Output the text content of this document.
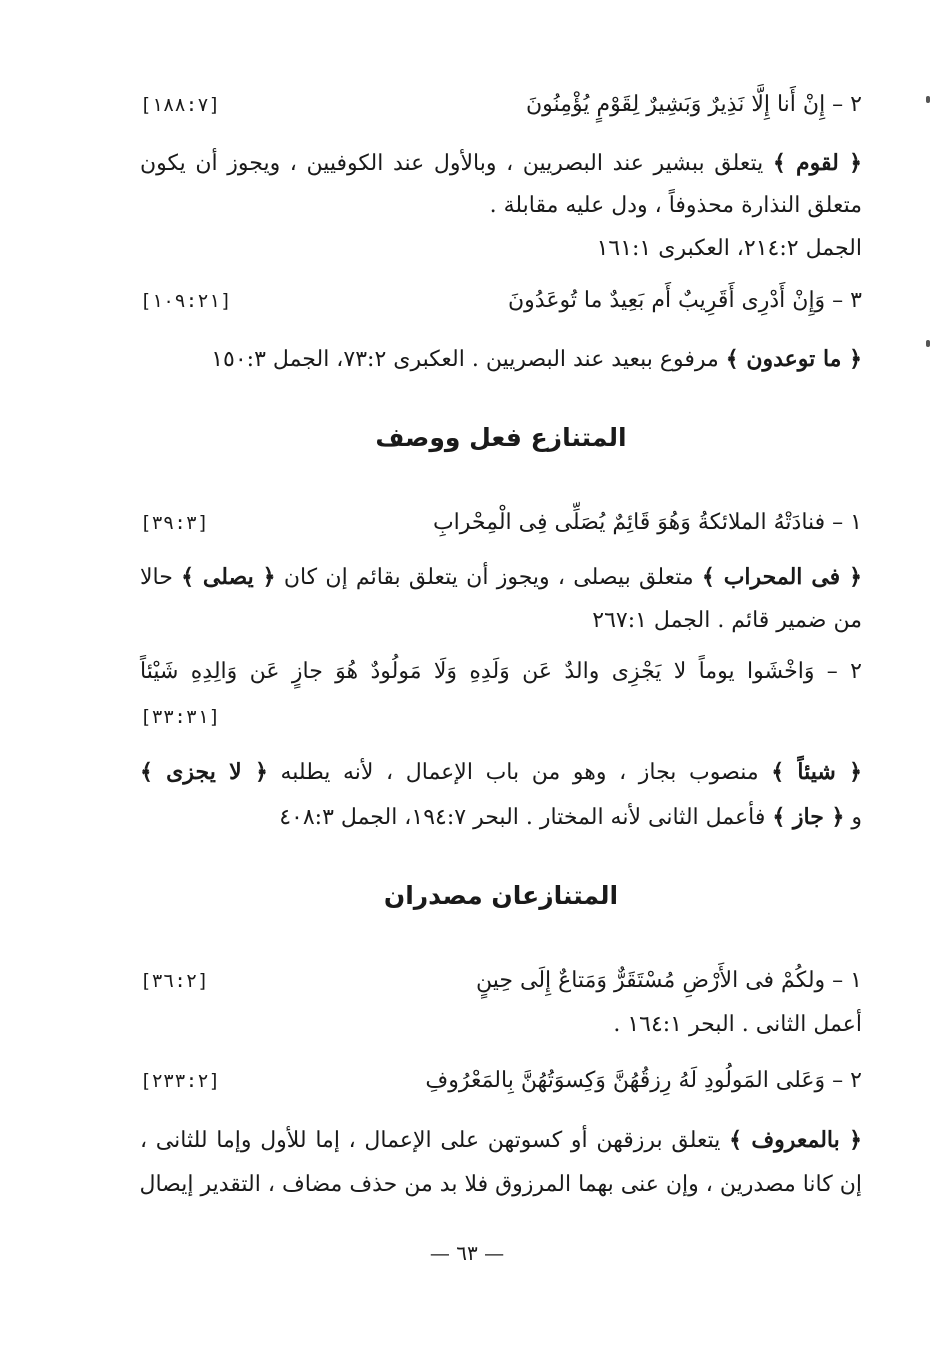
٢ – إِنْ أَنا إِلَّا نَذِيرٌ وَبَشِيرٌ لِقَوْمٍ يُؤْمِنُونَ
[١٨٨:٧]
﴿ لقوم ﴾ يتعلق ببشير عند البصريين ، وبالأول عند الكوفيين ، ويجوز أن يكون
متعلق النذارة محذوفاً ، ودل عليه مقابلة .
الجمل ٢١٤:٢، العكبرى ١٦١:١
٣ – وَإِنْ أَدْرِى أَقَرِيبٌ أَم بَعِيدٌ ما تُوعَدُونَ
[١٠٩:٢١]
﴿ ما توعدون ﴾ مرفوع ببعيد عند البصريين . العكبرى ٧٣:٢، الجمل ١٥٠:٣
المتنازع فعل ووصف
١ – فنادَتْهُ الملائكةُ وَهُوَ قَائِمٌ يُصَلِّى فِى الْمِحْرابِ
[٣٩:٣]
﴿ فى المحراب ﴾ متعلق بيصلى ، ويجوز أن يتعلق بقائم إن كان ﴿ يصلى ﴾ حالا
من ضمير قائم . الجمل ٢٦٧:١
٢ – وَاخْشَوا يوماً لا يَجْزِى والدٌ عَن وَلَدِهِ وَلَا مَولُودٌ هُوَ جازٍ عَن وَالِدِهِ شَيْئاً
[٣٣:٣١]
﴿ شيئاً ﴾ منصوب بجاز ، وهو من باب الإعمال ، لأنه يطلبه ﴿ لا يجزى ﴾
و ﴿ جاز ﴾ فأعمل الثانى لأنه المختار . البحر ١٩٤:٧، الجمل ٤٠٨:٣
المتنازعان مصدران
١ – ولكُمْ فى الأَرْضِ مُسْتَقَرٌّ وَمَتاعٌ إِلَى حِينٍ
[٣٦:٢]
أعمل الثانى . البحر ١٦٤:١ .
٢ – وَعَلى المَولُودِ لَهُ رِزقُهُنَّ وَكِسوَتُهُنَّ بِالمَعْرُوفِ
[٢٣٣:٢]
﴿ بالمعروف ﴾ يتعلق برزقهن أو كسوتهن على الإعمال ، إما للأول وإما للثانى ،
إن كانا مصدرين ، وإن عنى بهما المرزوق فلا بد من حذف مضاف ، التقدير إيصال
— ٦٣ —
